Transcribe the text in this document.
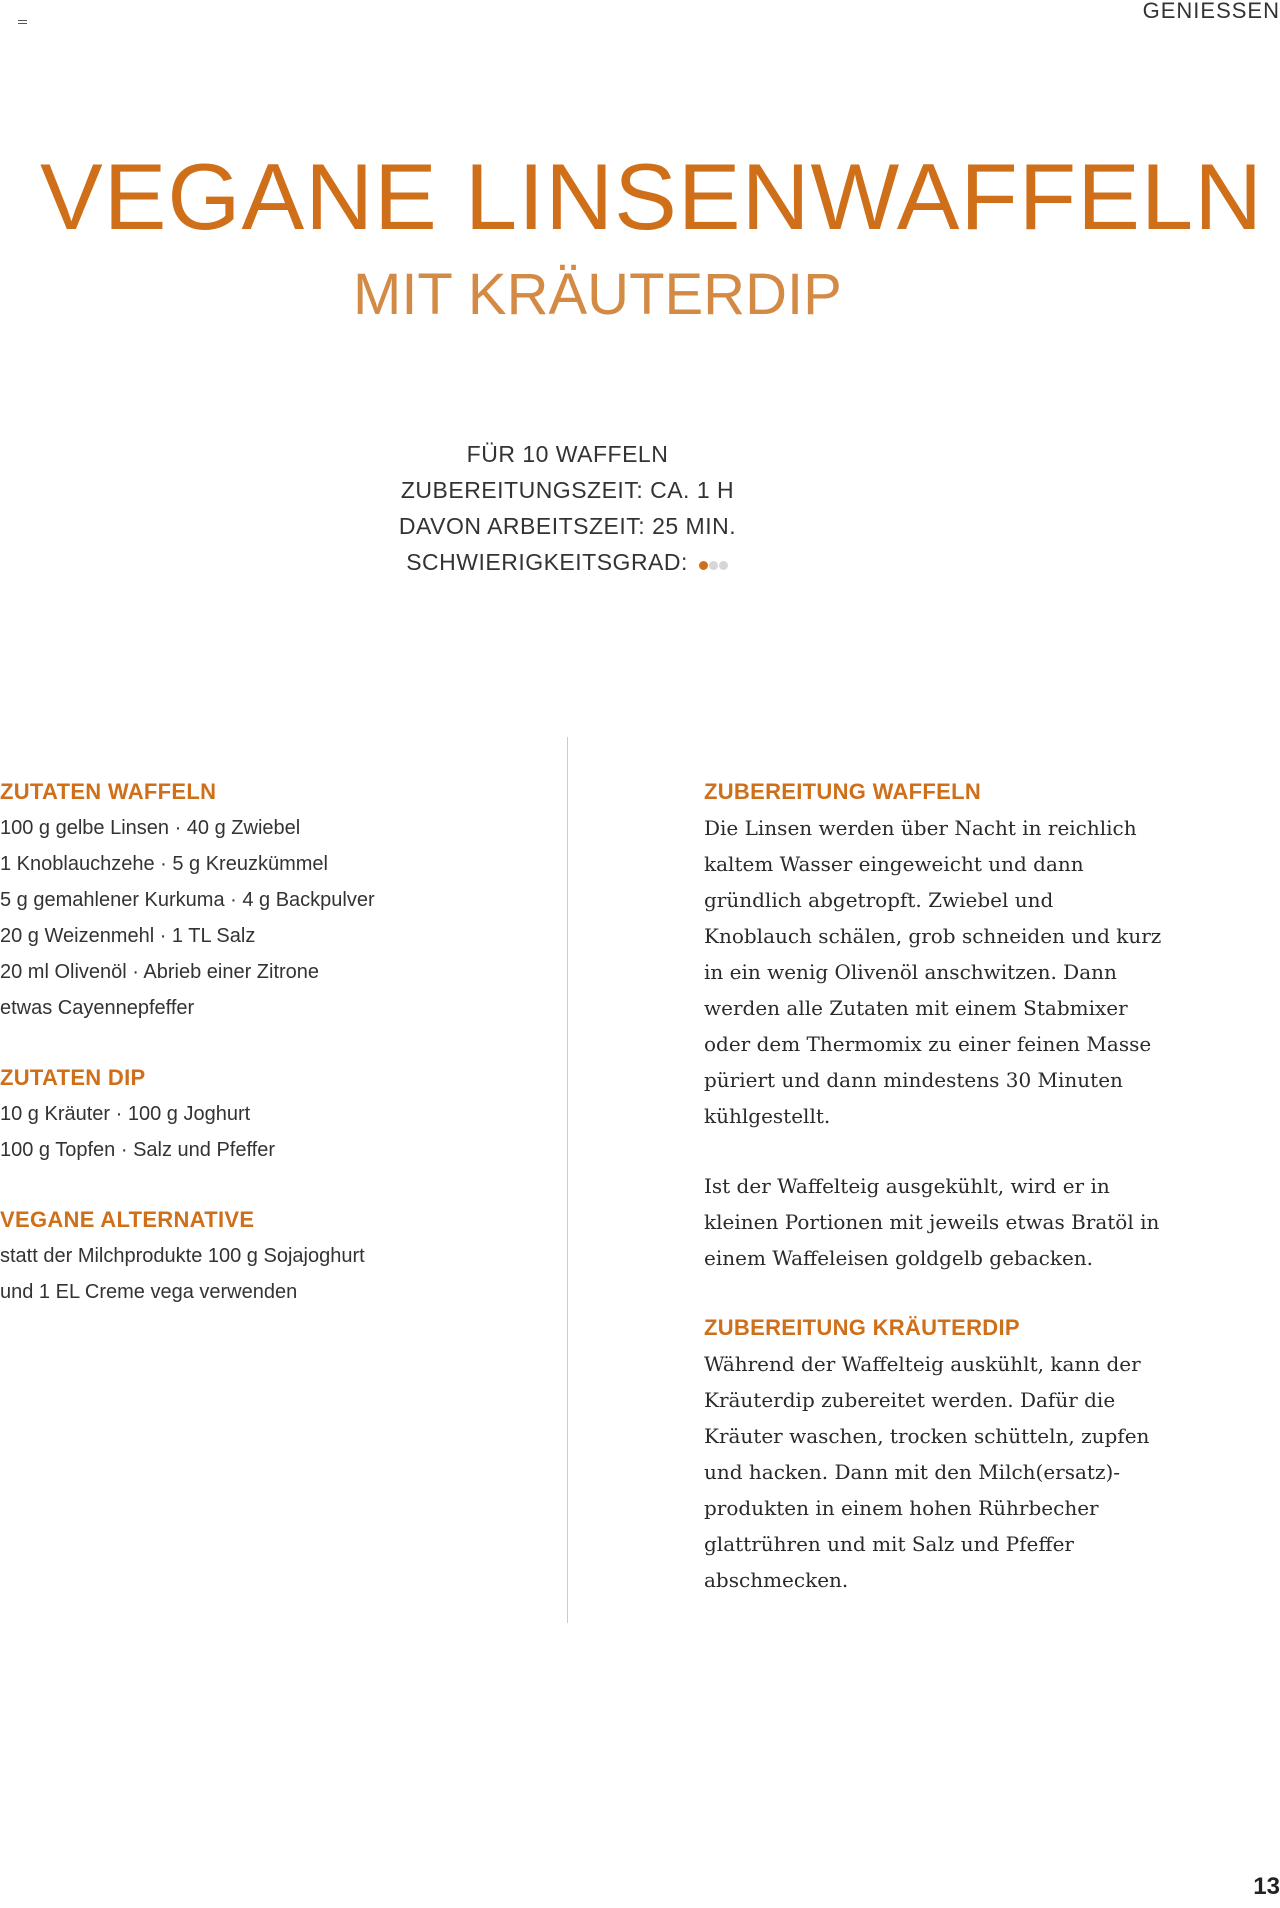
GENIESSEN
VEGANE LINSENWAFFELN
MIT KRÄUTERDIP
FÜR 10 WAFFELN
ZUBEREITUNGSZEIT: CA. 1 H
DAVON ARBEITSZEIT: 25 MIN.
SCHWIERIGKEITSGRAD:
ZUTATEN WAFFELN
100 g gelbe Linsen · 40 g Zwiebel
1 Knoblauchzehe · 5 g Kreuzkümmel
5 g gemahlener Kurkuma · 4 g Backpulver
20 g Weizenmehl · 1 TL Salz
20 ml Olivenöl · Abrieb einer Zitrone
etwas Cayennepfeffer
ZUTATEN DIP
10 g Kräuter · 100 g Joghurt
100 g Topfen · Salz und Pfeffer
VEGANE ALTERNATIVE
statt der Milchprodukte 100 g Sojajoghurt
und 1 EL Creme vega verwenden
ZUBEREITUNG WAFFELN

Die Linsen werden über Nacht in reichlich kaltem Wasser eingeweicht und dann gründlich abgetropft. Zwiebel und Knoblauch schälen, grob schneiden und kurz in ein wenig Olivenöl anschwitzen. Dann werden alle Zutaten mit einem Stabmixer oder dem Thermomix zu einer feinen Masse püriert und dann mindestens 30 Minuten kühlgestellt.

Ist der Waffelteig ausgekühlt, wird er in kleinen Portionen mit jeweils etwas Bratöl in einem Waffeleisen goldgelb gebacken.

ZUBEREITUNG KRÄUTERDIP

Während der Waffelteig auskühlt, kann der Kräuterdip zubereitet werden. Dafür die Kräuter waschen, trocken schütteln, zupfen und hacken. Dann mit den Milch(ersatz)-produkten in einem hohen Rührbecher glattrühren und mit Salz und Pfeffer abschmecken.

13
